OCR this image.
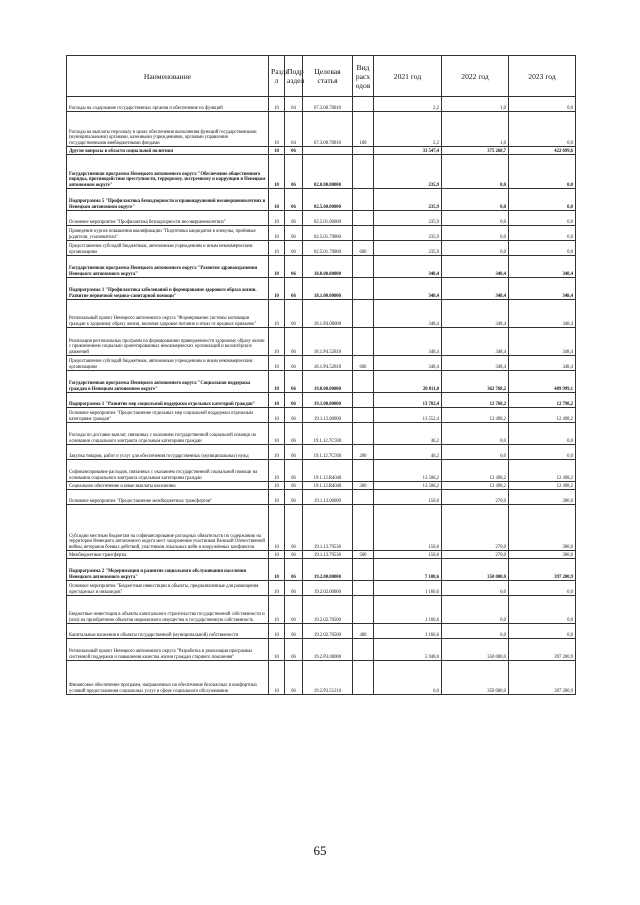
Наименование	Разде л	Подр аздел	Целевая статья	Вид расх одов	2021 год	2022 год	2023 год
Расходы на содержание государственных органов и обеспечение их функций	10	04	67.3.00.70010		2,2	1,0	0,0
Расходы на выплаты персоналу в целях обеспечения выполнения функций государственными (муниципальными) органами, казенными учреждениями, органами управления государственными внебюджетными фондами	10	04	67.3.00.70010	100	2,2	1,0	0,0
Другие вопросы в области социальной политики	10	06			33 547,4	375 268,7	422 699,6
Государственная программа Ненецкого автономного округа "Обеспечение общественного порядка, противодействие преступности, терроризму, экстремизму и коррупции в Ненецком автономном округе"	10	06	02.0.00.00000		235,9	0,0	0,0
Подпрограмма 5 "Профилактика безнадзорности и правонарушений несовершеннолетних в Ненецком автономном округе"	10	06	02.5.00.00000		235,9	0,0	0,0
Основное мероприятие "Профилактика безнадзорности несовершеннолетних"	10	06	02.5.01.00000		235,9	0,0	0,0
Проведение курсов повышения квалификации "Подготовка кандидатов в опекуны, приёмные родители, усыновители"	10	06	02.5.01.79060		235,9	0,0	0,0
Предоставление субсидий бюджетным, автономным учреждениям и иным некоммерческим организациям	10	06	02.5.01.79060	600	235,9	0,0	0,0
Государственная программа Ненецкого автономного округа "Развитие здравоохранения Ненецкого автономного округа"	10	06	18.0.00.00000		348,4	348,4	348,4
Подпрограмма 1 "Профилактика заболеваний и формирование здорового образа жизни. Развитие первичной медико-санитарной помощи"	10	06	18.1.00.00000		348,4	348,4	348,4
Региональный проект Ненецкого автономного округа "Формирование системы мотивации граждан к здоровому образу жизни, включая здоровое питание и отказ от вредных привычек"	10	06	18.1.P4.00000		348,4	348,4	348,4
Реализация региональных программ по формированию приверженности здоровому образу жизни с привлечением социально ориентированных некоммерческих организаций и волонтёрских движений	10	06	18.1.P4.52810		348,4	348,4	348,4
Предоставление субсидий бюджетным, автономным учреждениям и иным некоммерческим организациям	10	06	18.1.P4.52810	600	348,4	348,4	348,4
Государственная программа Ненецкого автономного округа "Социальная поддержка граждан в Ненецком автономном округе"	10	06	19.0.00.00000		20 811,0	362 768,2	409 999,1
Подпрограмма 1 "Развитие мер социальной поддержки отдельных категорий граждан"	10	06	19.1.00.00000		13 702,4	12 768,2	12 798,2
Основное мероприятие "Предоставление отдельных мер социальной поддержки отдельным категориям граждан"	10	06	19.1.12.00000		13 552,4	12 498,2	12 498,2
Расходы по доставке выплат, связанных с оказанием государственной социальной помощи на основании социального контракта отдельным категориям граждан	10	06	19.1.12.7С930		46,2	0,0	0,0
Закупка товаров, работ и услуг для обеспечения государственных (муниципальных) нужд	10	06	19.1.12.7С930	200	46,2	0,0	0,0
Софинансирование расходов, связанных с оказанием государственной социальной помощи на основании социального контракта отдельным категориям граждан	10	06	19.1.12.R4040		13 506,2	12 498,2	12 498,2
Социальное обеспечение и иные выплаты населению	10	06	19.1.12.R4040	300	13 506,2	12 498,2	12 498,2
Основное мероприятие "Предоставление межбюджетных трансфертов"	10	06	19.1.13.00000		150,0	270,0	300,0
Субсидии местным бюджетам на софинансирование расходных обязательств по содержанию на территории Ненецкого автономного округа мест захоронения участников Великой Отечественной войны, ветеранов боевых действий, участников локальных войн и вооружённых конфликтов	10	06	19.1.13.79530		150,0	270,0	300,0
Межбюджетные трансферты	10	06	19.1.13.79530	500	150,0	270,0	300,0
Подпрограмма 2 "Модернизация и развитие социального обслуживания населения Ненецкого автономного округа"	10	06	19.2.00.00000		7 108,6	350 000,0	397 200,9
Основное мероприятие "Бюджетные инвестиции в объекты, предназначенные для размещения престарелых и инвалидов"	10	06	19.2.02.00000		1 160,6	0,0	0,0
Бюджетные инвестиции в объекты капитального строительства государственной собственности и (или) на приобретение объектов недвижимого имущества в государственную собственность	10	06	19.2.02.70500		1 160,6	0,0	0,0
Капитальные вложения в объекты государственной (муниципальной) собственности	10	06	19.2.02.70500	400	1 160,6	0,0	0,0
Региональный проект Ненецкого автономного округа "Разработка и реализация программы системной поддержки и повышения качества жизни граждан старшего поколения"	10	06	19.2.P3.00000		5 948,0	350 000,0	397 200,9
Финансовое обеспечение программ, направленных на обеспечение безопасных и комфортных условий предоставления социальных услуг в сфере социального обслуживания	10	06	19.2.P3.51210		0,0	350 000,0	397 200,9
65
